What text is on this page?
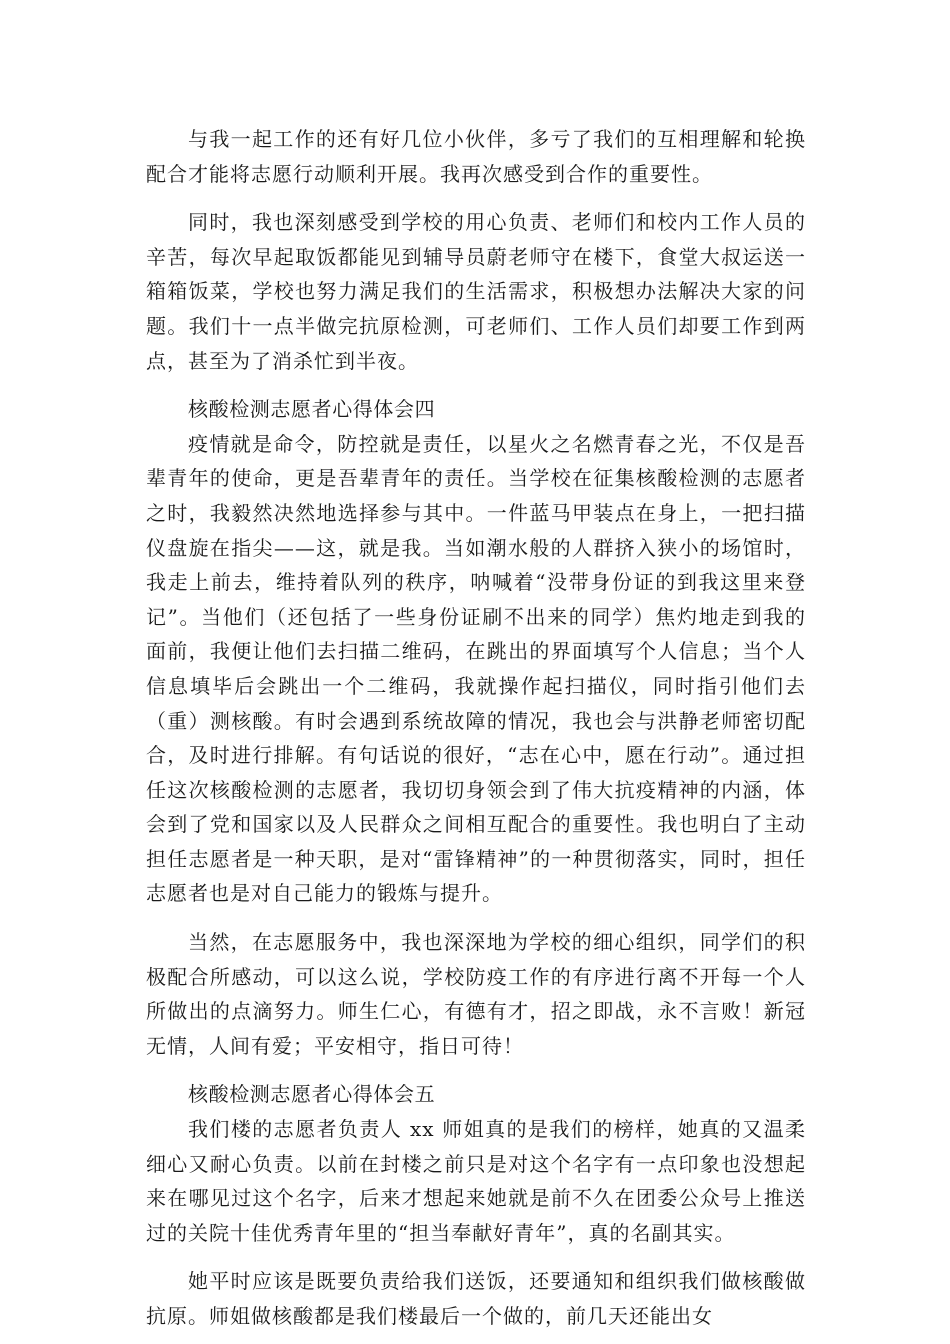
与我一起工作的还有好几位小伙伴，多亏了我们的互相理解和轮换配合才能将志愿行动顺利开展。我再次感受到合作的重要性。

同时，我也深刻感受到学校的用心负责、老师们和校内工作人员的辛苦，每次早起取饭都能见到辅导员蔚老师守在楼下，食堂大叔运送一箱箱饭菜，学校也努力满足我们的生活需求，积极想办法解决大家的问题。我们十一点半做完抗原检测，可老师们、工作人员们却要工作到两点，甚至为了消杀忙到半夜。

核酸检测志愿者心得体会四

疫情就是命令，防控就是责任，以星火之名燃青春之光，不仅是吾辈青年的使命，更是吾辈青年的责任。当学校在征集核酸检测的志愿者之时，我毅然决然地选择参与其中。一件蓝马甲装点在身上，一把扫描仪盘旋在指尖——这，就是我。当如潮水般的人群挤入狭小的场馆时，我走上前去，维持着队列的秩序，呐喊着“没带身份证的到我这里来登记”。当他们（还包括了一些身份证刷不出来的同学）焦灼地走到我的面前，我便让他们去扫描二维码，在跳出的界面填写个人信息；当个人信息填毕后会跳出一个二维码，我就操作起扫描仪，同时指引他们去（重）测核酸。有时会遇到系统故障的情况，我也会与洪静老师密切配合，及时进行排解。有句话说的很好，“志在心中，愿在行动”。通过担任这次核酸检测的志愿者，我切切身领会到了伟大抗疫精神的内涵，体会到了党和国家以及人民群众之间相互配合的重要性。我也明白了主动担任志愿者是一种天职，是对“雷锋精神”的一种贯彻落实，同时，担任志愿者也是对自己能力的锻炼与提升。

当然，在志愿服务中，我也深深地为学校的细心组织，同学们的积极配合所感动，可以这么说，学校防疫工作的有序进行离不开每一个人所做出的点滴努力。师生仁心，有德有才，招之即战，永不言败！新冠无情，人间有爱；平安相守，指日可待！

核酸检测志愿者心得体会五

我们楼的志愿者负责人 xx 师姐真的是我们的榜样，她真的又温柔细心又耐心负责。以前在封楼之前只是对这个名字有一点印象也没想起来在哪见过这个名字，后来才想起来她就是前不久在团委公众号上推送过的关院十佳优秀青年里的“担当奉献好青年”，真的名副其实。

她平时应该是既要负责给我们送饭，还要通知和组织我们做核酸做抗原。师姐做核酸都是我们楼最后一个做的，前几天还能出女
